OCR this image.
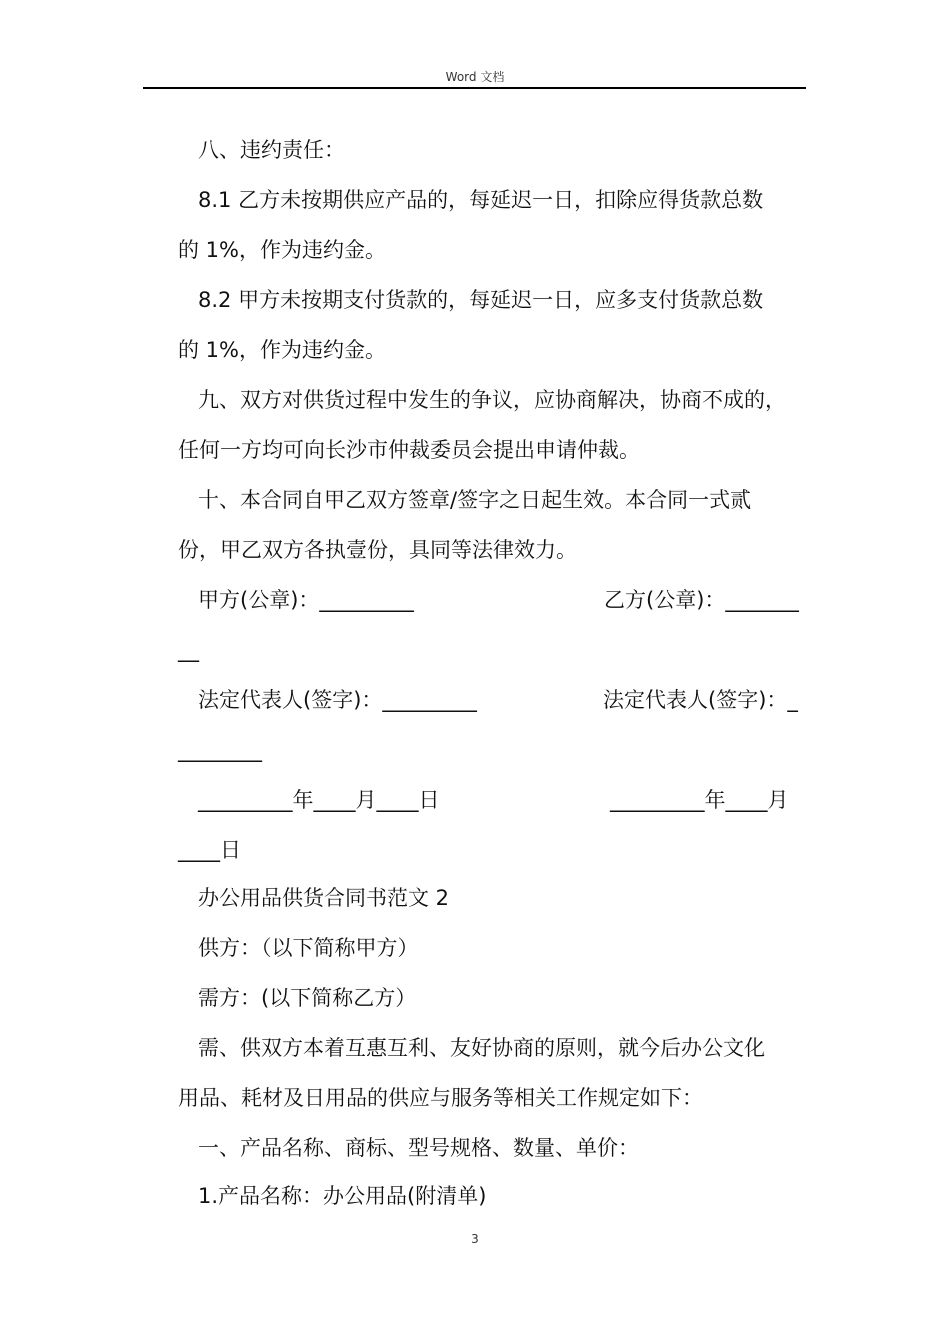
Word 文档
八、违约责任：
8.1 乙方未按期供应产品的，每延迟一日，扣除应得货款总数
的 1%，作为违约金。
8.2 甲方未按期支付货款的，每延迟一日，应多支付货款总数
的 1%，作为违约金。
九、双方对供货过程中发生的争议，应协商解决，协商不成的，
任何一方均可向长沙市仲裁委员会提出申请仲裁。
十、本合同自甲乙双方签章/签字之日起生效。本合同一式贰
份，甲乙双方各执壹份，具同等法律效力。
甲方(公章)：_________	乙方(公章)：_______
__
法定代表人(签字)：_________	法定代表人(签字)：_
________
_________年____月____日	_________年____月
____日
办公用品供货合同书范文 2
供方：（以下简称甲方）
需方：(以下简称乙方）
需、供双方本着互惠互利、友好协商的原则，就今后办公文化
用品、耗材及日用品的供应与服务等相关工作规定如下：
一、产品名称、商标、型号规格、数量、单价：
1.产品名称：办公用品(附清单)
3
